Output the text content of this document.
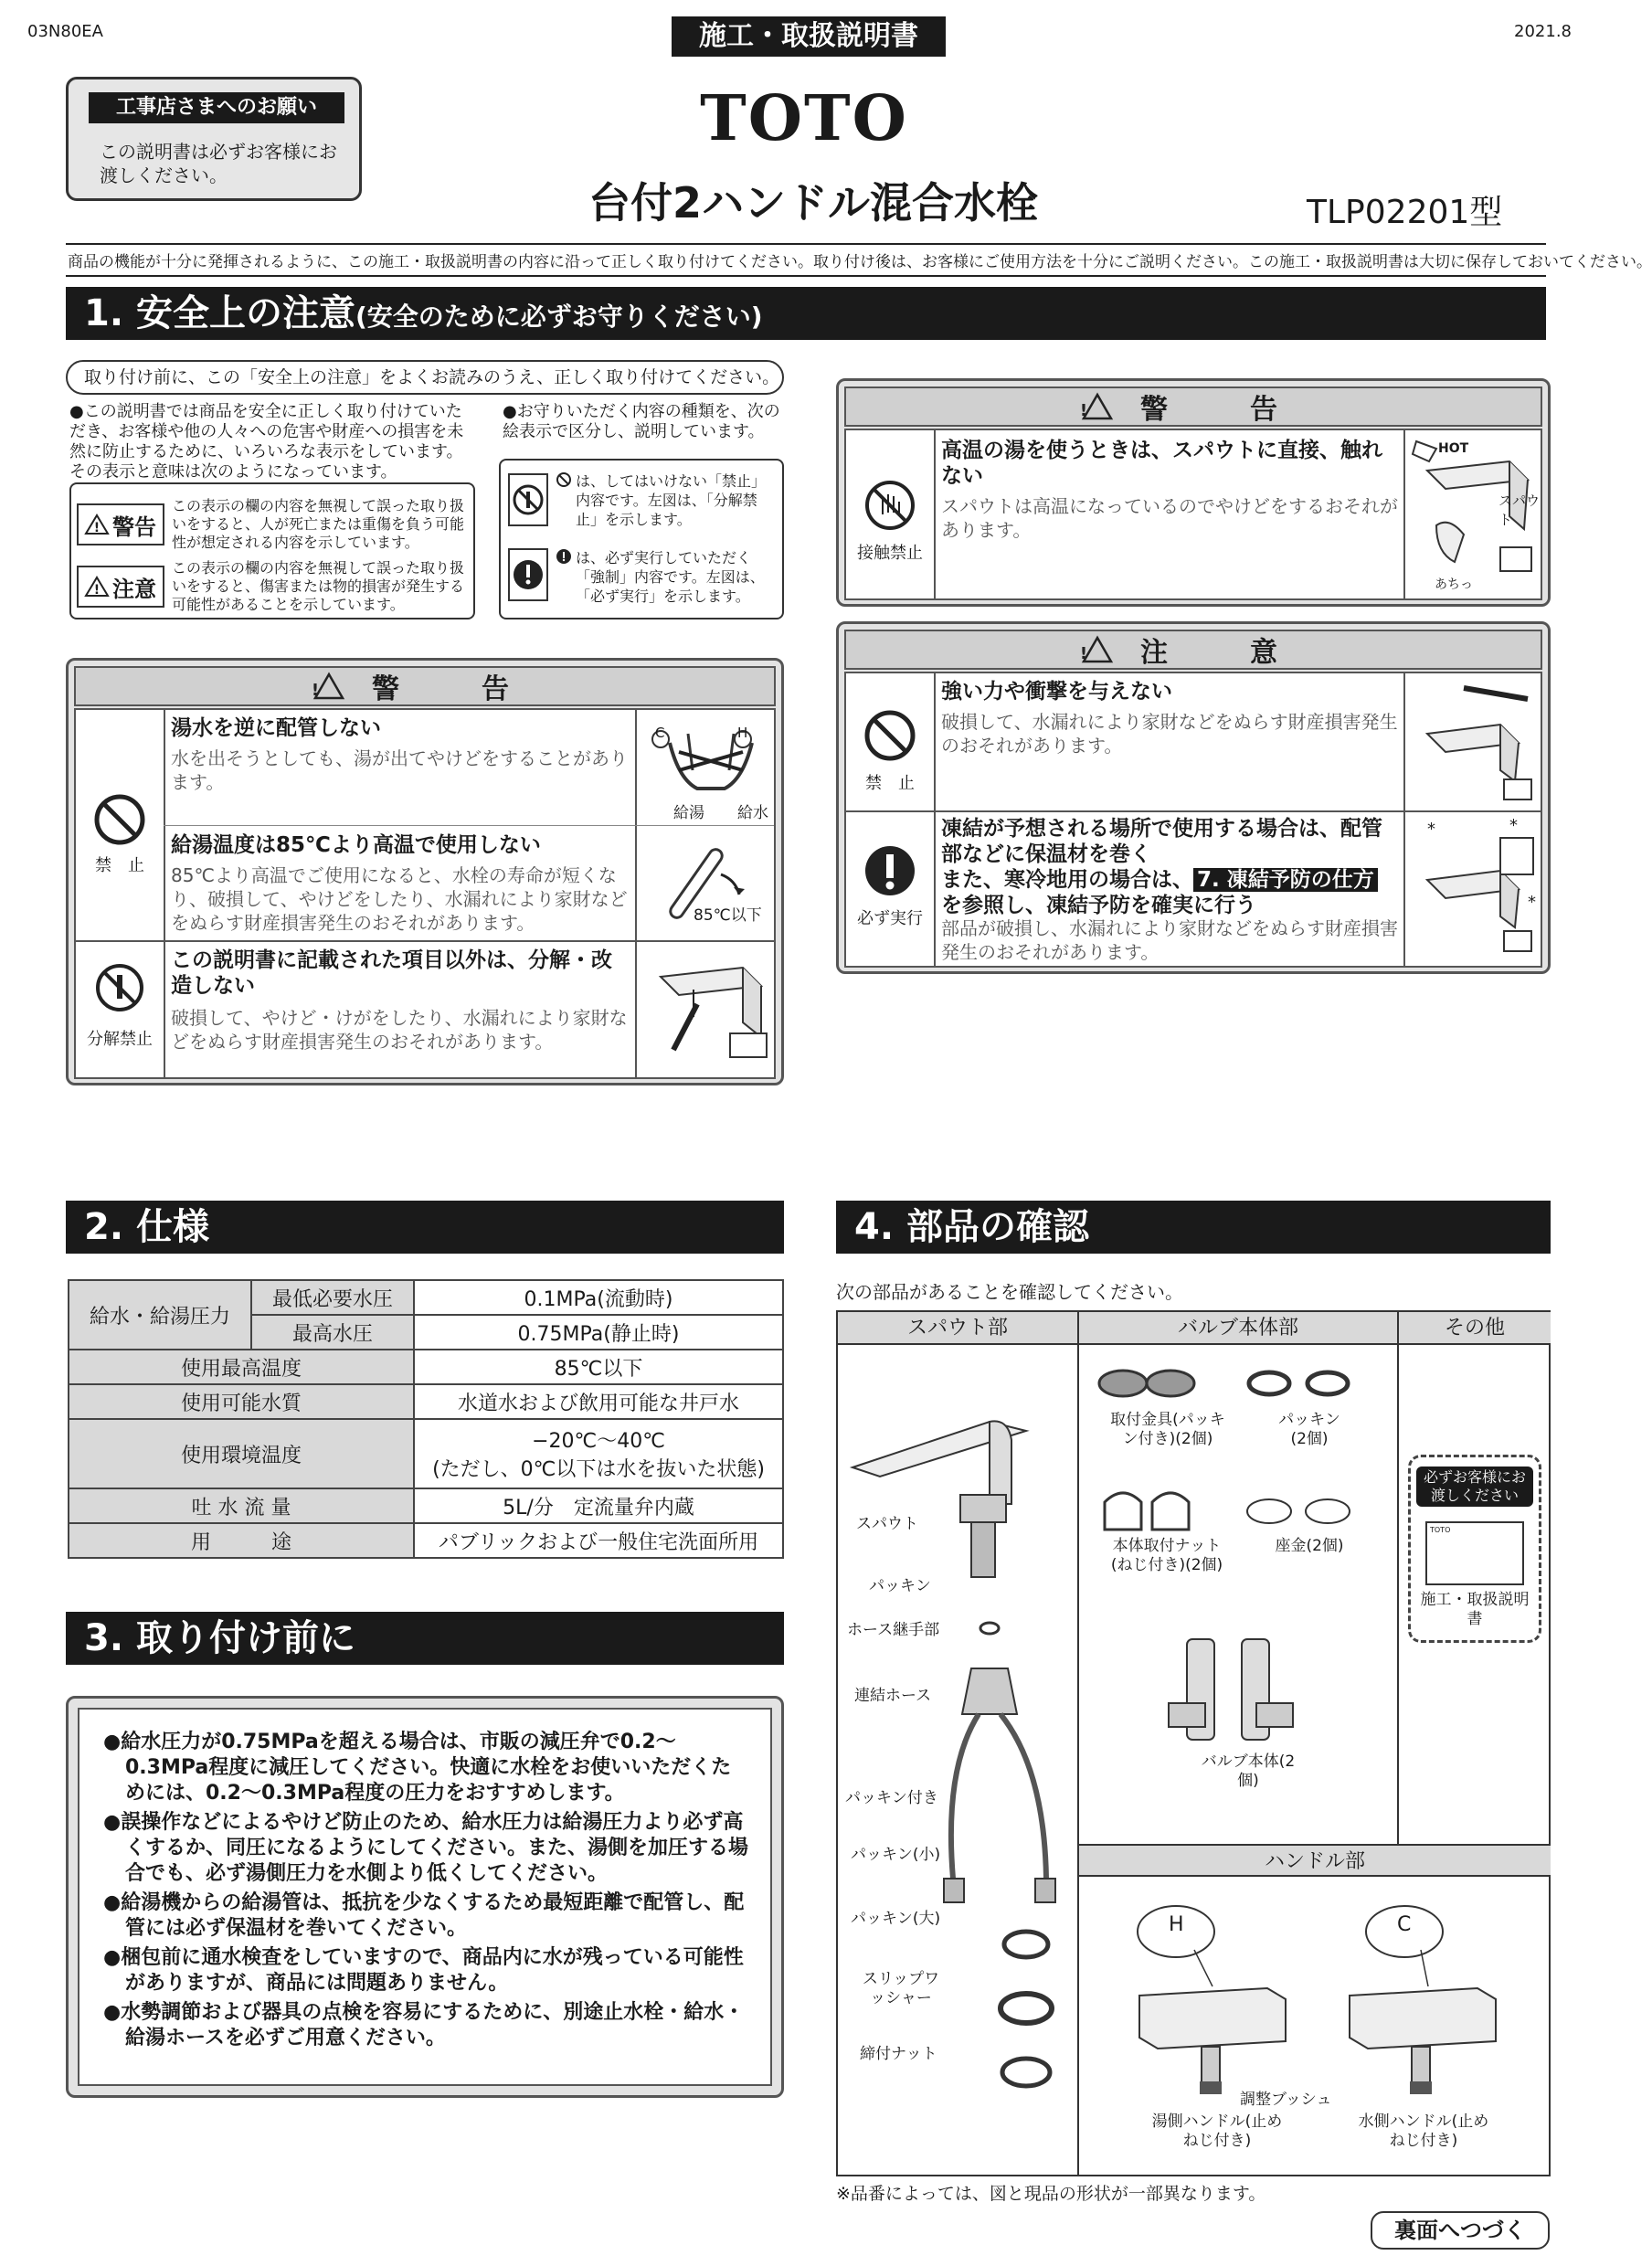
03N80EA	2021.8
施工・取扱説明書
工事店さまへのお願い
この説明書は必ずお客様にお渡しください。
TOTO
台付2ハンドル混合水栓	TLP02201型
商品の機能が十分に発揮されるように、この施工・取扱説明書の内容に沿って正しく取り付けてください。取り付け後は、お客様にご使用方法を十分にご説明ください。この施工・取扱説明書は大切に保存しておいてください。
1. 安全上の注意(安全のために必ずお守りください)
取り付け前に、この「安全上の注意」をよくお読みのうえ、正しく取り付けてください。
●この説明書では商品を安全に正しく取り付けていただき、お客様や他の人々への危害や財産への損害を未然に防止するために、いろいろな表示をしています。その表示と意味は次のようになっています。
●お守りいただく内容の種類を、次の絵表示で区分し、説明しています。
! 警告
この表示の欄の内容を無視して誤った取り扱いをすると、人が死亡または重傷を負う可能性が想定される内容を示しています。
! 注意
この表示の欄の内容を無視して誤った取り扱いをすると、傷害または物的損害が発生する可能性があることを示しています。
は、してはいけない「禁止」内容です。左図は、「分解禁止」を示します。
は、必ず実行していただく「強制」内容です。左図は、「必ず実行」を示します。
! 警　告
禁　止
湯水を逆に配管しない
水を出そうとしても、湯が出てやけどをすることがあります。
C	H
給湯 給水
給湯温度は85℃より高温で使用しない
85℃より高温でご使用になると、水栓の寿命が短くなり、破損して、やけどをしたり、水漏れにより家財などをぬらす財産損害発生のおそれがあります。	85℃以下
分解禁止
この説明書に記載された項目以外は、分解・改造しない
破損して、やけど・けがをしたり、水漏れにより家財などをぬらす財産損害発生のおそれがあります。
! 警　告
接触禁止
高温の湯を使うときは、スパウトに直接、触れない
スパウトは高温になっているのでやけどをするおそれがあります。
HOT
スパウト
あちっ
! 注　意
禁　止
強い力や衝撃を与えない
破損して、水漏れにより家財などをぬらす財産損害発生のおそれがあります。
必ず実行
凍結が予想される場所で使用する場合は、配管部などに保温材を巻く
また、寒冷地用の場合は、 7. 凍結予防の仕方を参照し、凍結予防を確実に行う
部品が破損し、水漏れにより家財などをぬらす財産損害発生のおそれがあります。
*	*
*
2. 仕様
給水・給湯圧力	最低必要水圧	0.1MPa(流動時)
	最高水圧	0.75MPa(静止時)
使用最高温度		85℃以下
使用可能水質		水道水および飲用可能な井戸水
使用環境温度		−20℃〜40℃
(ただし、0℃以下は水を抜いた状態)

吐 水 流 量		5L/分　定流量弁内蔵
用　　　途		パブリックおよび一般住宅洗面所用
3. 取り付け前に
●給水圧力が0.75MPaを超える場合は、市販の減圧弁で0.2〜0.3MPa程度に減圧してください。快適に水栓をお使いいただくためには、0.2〜0.3MPa程度の圧力をおすすめします。
●誤操作などによるやけど防止のため、給水圧力は給湯圧力より必ず高くするか、同圧になるようにしてください。また、湯側を加圧する場合でも、必ず湯側圧力を水側より低くしてください。
●給湯機からの給湯管は、抵抗を少なくするため最短距離で配管し、配管には必ず保温材を巻いてください。
●梱包前に通水検査をしていますので、商品内に水が残っている可能性がありますが、商品には問題ありません。
●水勢調節および器具の点検を容易にするために、別途止水栓・給水・給湯ホースを必ずご用意ください。
4. 部品の確認
次の部品があることを確認してください。
スパウト部	バルブ本体部	その他
ハンドル部
スパウト
パッキン
ホース継手部
連結ホース
パッキン付き
パッキン(小)
パッキン(大)
スリップワッシャー
締付ナット
取付金具(パッキン付き)(2個)
パッキン(2個)
本体取付ナット(ねじ付き)(2個)
座金(2個)
バルブ本体(2個)
必ずお客様にお渡しください
TOTO
施工・取扱説明書
H	C
調整ブッシュ
湯側ハンドル(止めねじ付き)
水側ハンドル(止めねじ付き)
※品番によっては、図と現品の形状が一部異なります。
裏面へつづく
